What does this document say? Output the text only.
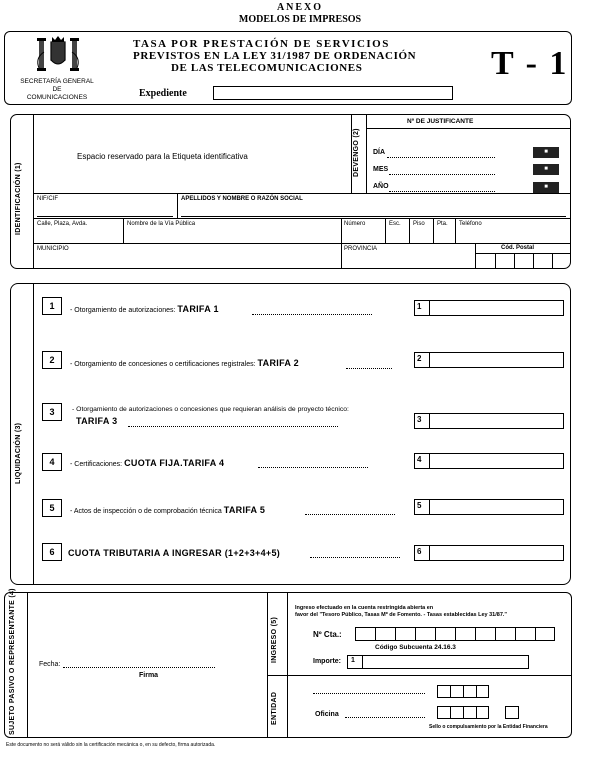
ANEXO
MODELOS DE IMPRESOS
SECRETARÍA GENERAL
DE
COMUNICACIONES
TASA POR PRESTACIÓN DE SERVICIOS
PREVISTOS EN LA LEY 31/1987 DE ORDENACIÓN
DE LAS TELECOMUNICACIONES	T - 1
Expediente
IDENTIFICACIÓN (1)
Espacio reservado para la Etiqueta identificativa	DEVENGO (2)
Nº DE JUSTIFICANTE
DÍA	■
MES	■
AÑO	■
NIF/CIF	APELLIDOS Y NOMBRE O RAZÓN SOCIAL
Calle, Plaza, Avda.	Nombre de la Vía Pública	Número	Esc. Piso Pta. Teléfono
MUNICIPIO	PROVINCIA	Cód. Postal
LIQUIDACIÓN (3)
1	- Otorgamiento de autorizaciones: TARIFA 1	1
2	- Otorgamiento de concesiones o certificaciones registrales: TARIFA 2	2
3	- Otorgamiento de autorizaciones o concesiones que requieran análisis de proyecto técnico:
TARIFA 3	3
4	- Certificaciones: CUOTA FIJA.TARIFA 4	4
5	- Actos de inspección o de comprobación técnica TARIFA 5	5
6	CUOTA TRIBUTARIA A INGRESAR (1+2+3+4+5)	6
SUJETO PASIVO O REPRESENTANTE (4)	Fecha:
Firma
INGRESO (5)
Ingreso efectuado en la cuenta restringida abierta en
favor del "Tesoro Público, Tasas Mº de Fomento. - Tasas establecidas Ley 31/87."
Nº Cta.:
Código Subcuenta 24.16.3
Importe: 1
ENTIDAD	Oficina
Sello o compulsamiento por la Entidad Financiera
Este documento no será válido sin la certificación mecánica o, en su defecto, firma autorizada.
